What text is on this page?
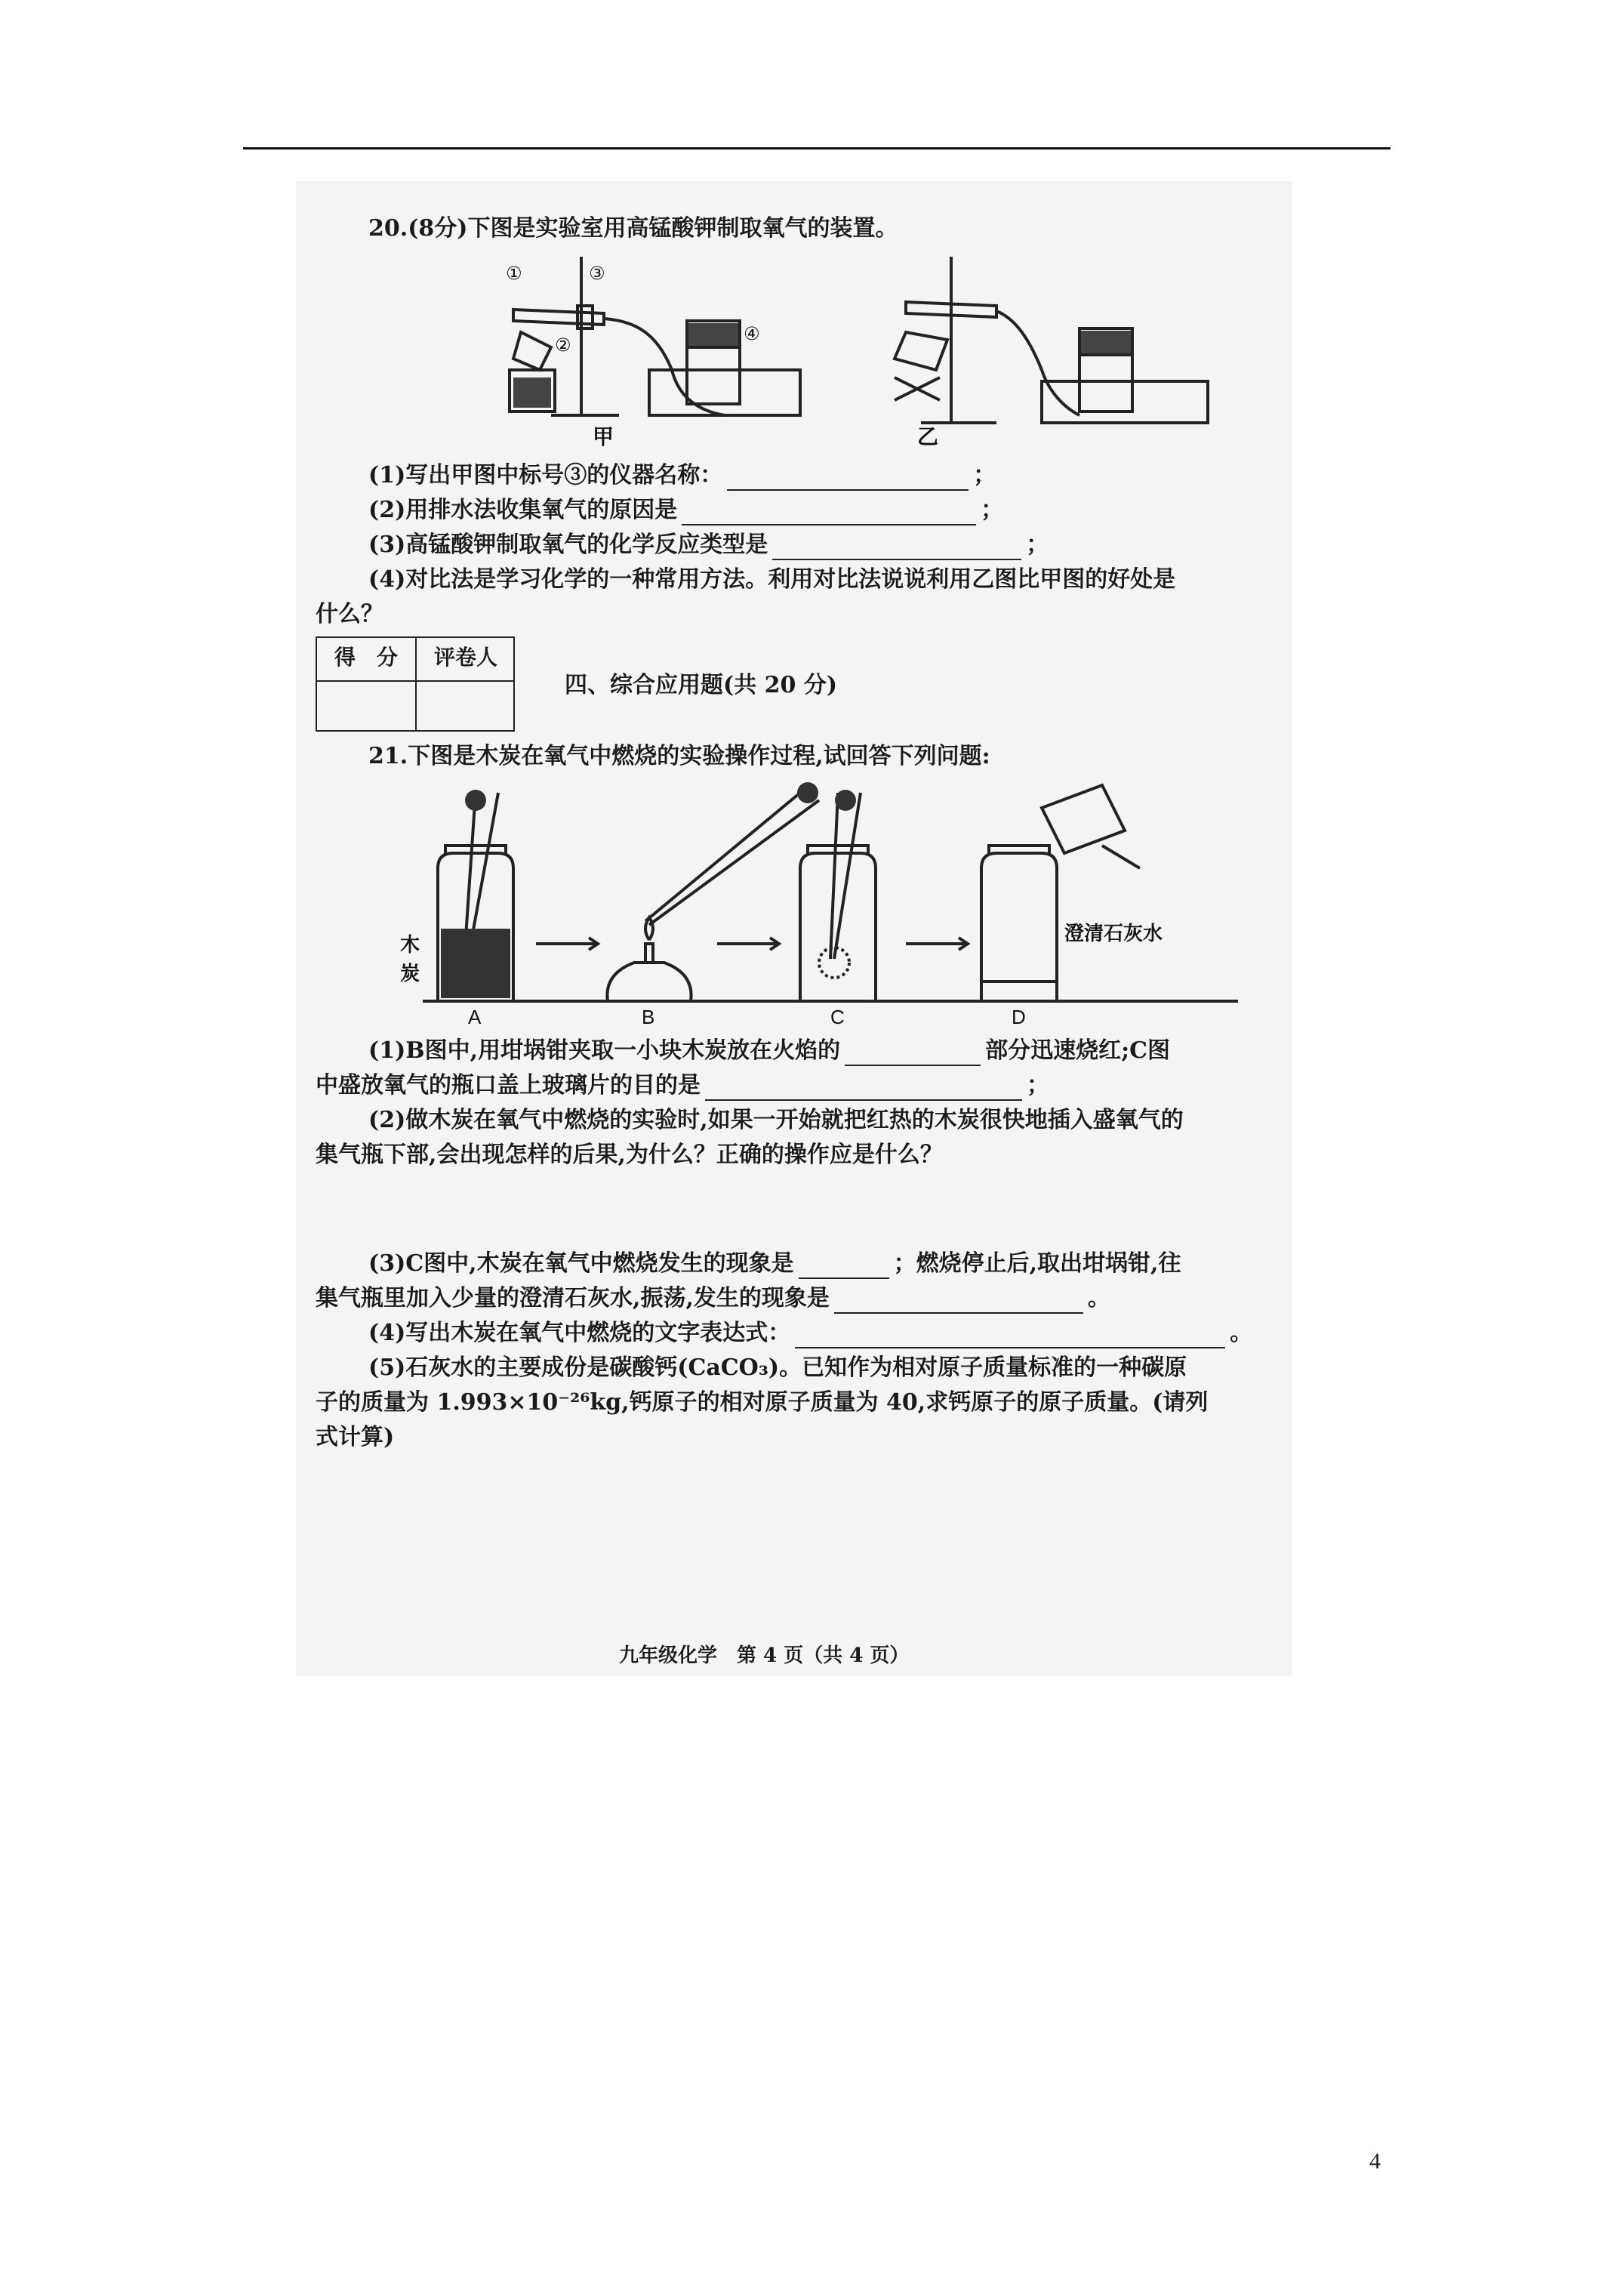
20.(8分)下图是实验室用高锰酸钾制取氧气的装置。
①	③
②
④
甲	乙
(1)写出甲图中标号③的仪器名称：	；
(2)用排水法收集氧气的原因是	；
(3)高锰酸钾制取氧气的化学反应类型是	；
(4)对比法是学习化学的一种常用方法。利用对比法说说利用乙图比甲图的好处是
什么？
得　分	评卷人
四、综合应用题(共 20 分)
21.下图是木炭在氧气中燃烧的实验操作过程,试回答下列问题:
木
炭
澄清石灰水
A	B	C	D
(1)B图中,用坩埚钳夹取一小块木炭放在火焰的	部分迅速烧红;C图
中盛放氧气的瓶口盖上玻璃片的目的是	；
(2)做木炭在氧气中燃烧的实验时,如果一开始就把红热的木炭很快地插入盛氧气的
集气瓶下部,会出现怎样的后果,为什么？正确的操作应是什么？
(3)C图中,木炭在氧气中燃烧发生的现象是	；燃烧停止后,取出坩埚钳,往
集气瓶里加入少量的澄清石灰水,振荡,发生的现象是	。
(4)写出木炭在氧气中燃烧的文字表达式：	。
(5)石灰水的主要成份是碳酸钙(CaCO₃)。已知作为相对原子质量标准的一种碳原
子的质量为 1.993×10⁻²⁶kg,钙原子的相对原子质量为 40,求钙原子的原子质量。(请列
式计算)
九年级化学　第 4 页（共 4 页）
4
